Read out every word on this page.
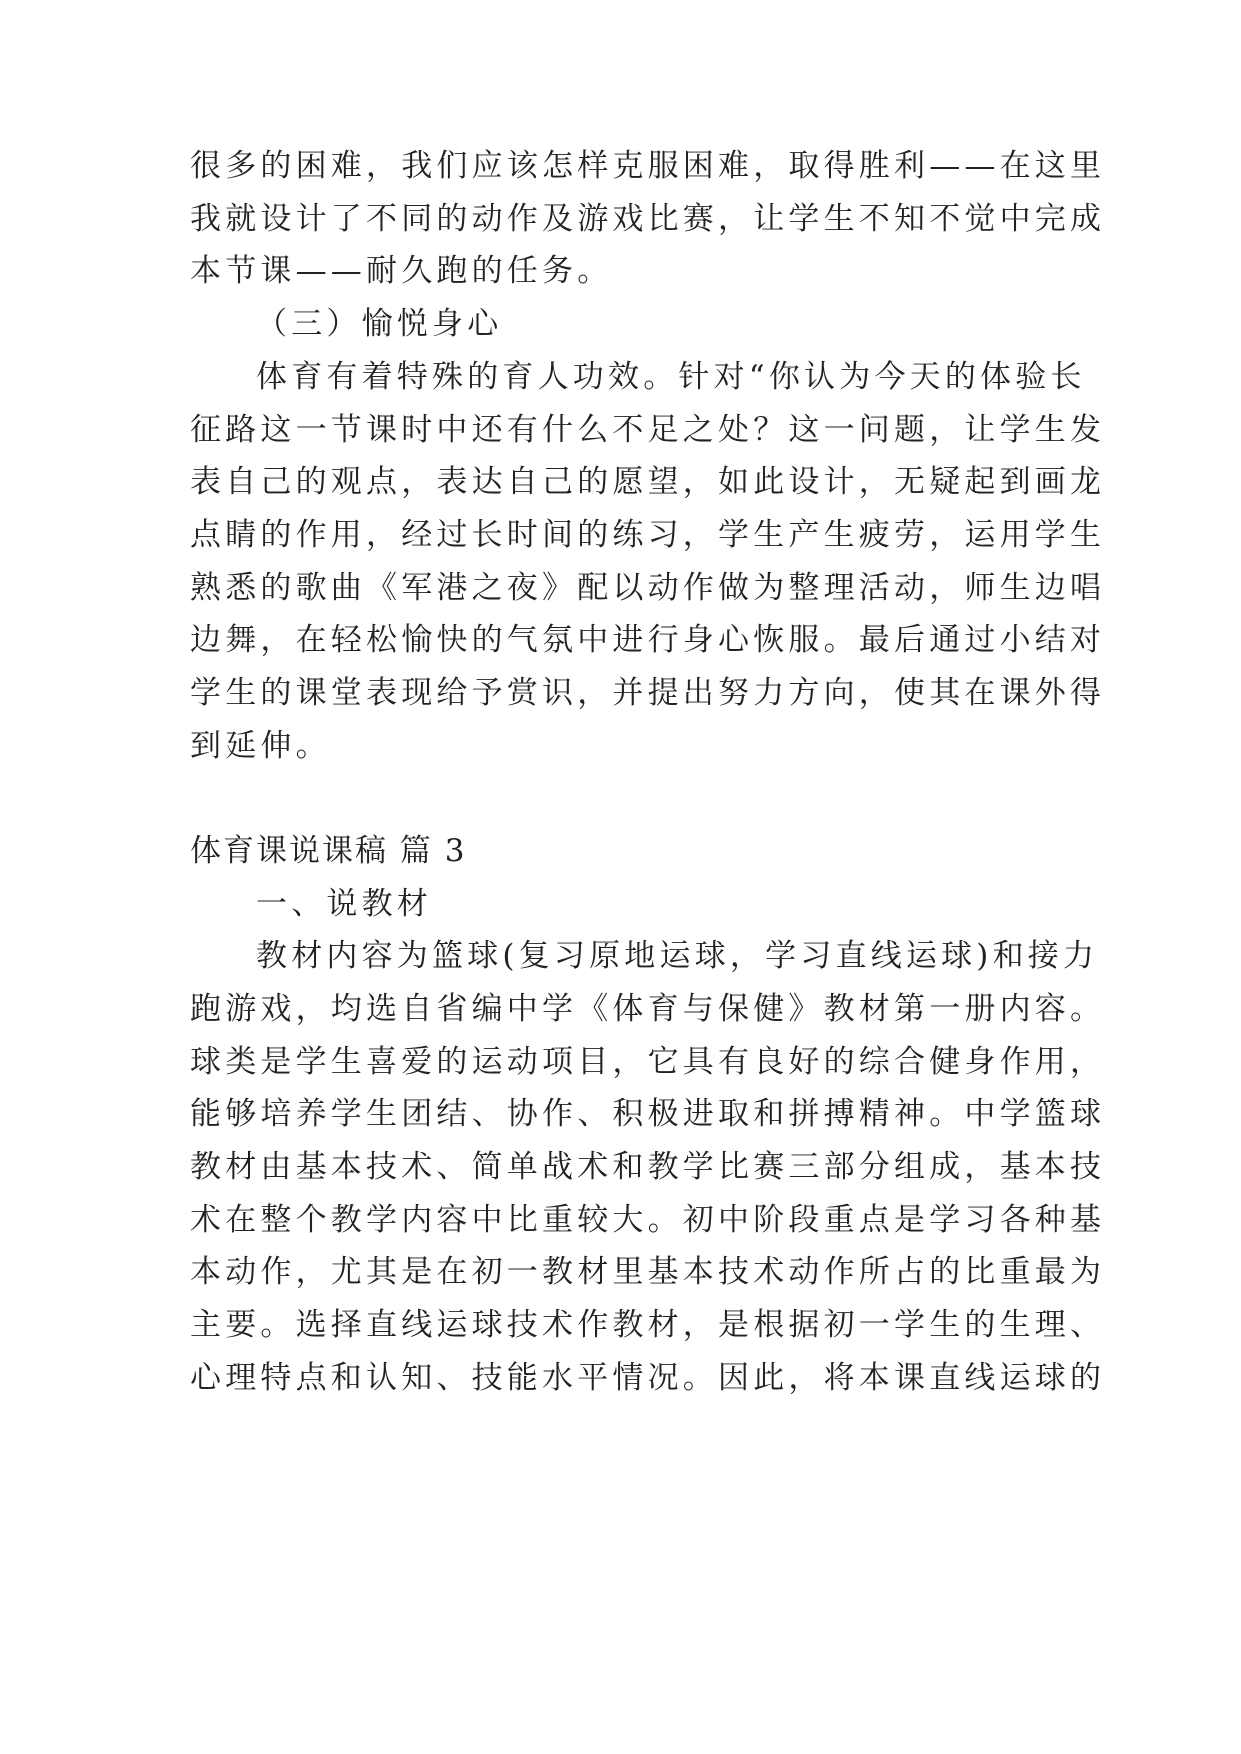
很多的困难，我们应该怎样克服困难，取得胜利——在这里
我就设计了不同的动作及游戏比赛，让学生不知不觉中完成
本节课——耐久跑的任务。
（三）愉悦身心
体育有着特殊的育人功效。针对“你认为今天的体验长
征路这一节课时中还有什么不足之处？这一问题，让学生发
表自己的观点，表达自己的愿望，如此设计，无疑起到画龙
点睛的作用，经过长时间的练习，学生产生疲劳，运用学生
熟悉的歌曲《军港之夜》配以动作做为整理活动，师生边唱
边舞，在轻松愉快的气氛中进行身心恢服。最后通过小结对
学生的课堂表现给予赏识，并提出努力方向，使其在课外得
到延伸。
体育课说课稿 篇 3
一、说教材
教材内容为篮球(复习原地运球，学习直线运球)和接力
跑游戏，均选自省编中学《体育与保健》教材第一册内容。
球类是学生喜爱的运动项目，它具有良好的综合健身作用，
能够培养学生团结、协作、积极进取和拼搏精神。中学篮球
教材由基本技术、简单战术和教学比赛三部分组成，基本技
术在整个教学内容中比重较大。初中阶段重点是学习各种基
本动作，尤其是在初一教材里基本技术动作所占的比重最为
主要。选择直线运球技术作教材，是根据初一学生的生理、
心理特点和认知、技能水平情况。因此，将本课直线运球的
